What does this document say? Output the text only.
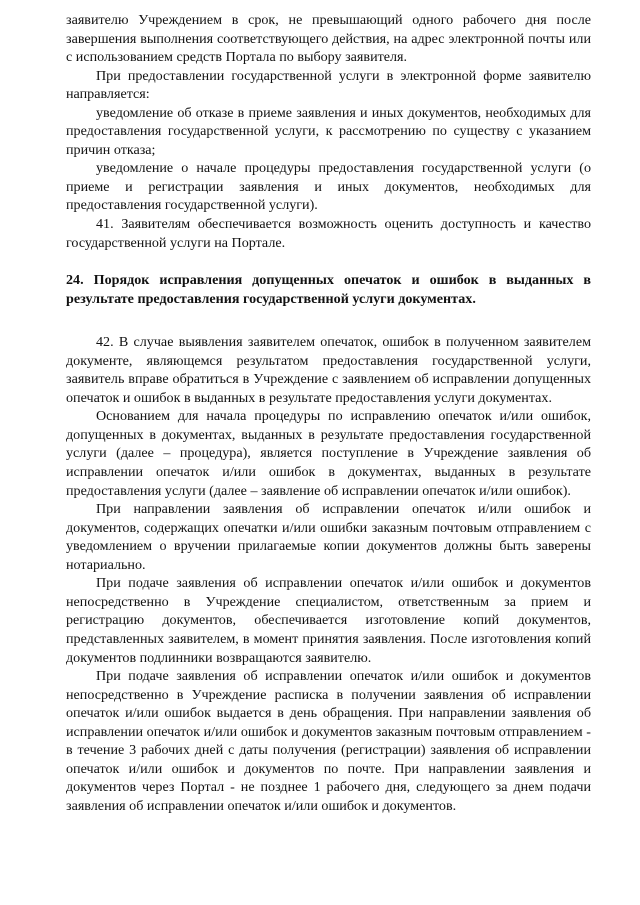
заявителю Учреждением в срок, не превышающий одного рабочего дня после завершения выполнения соответствующего действия, на адрес электронной почты или с использованием средств Портала по выбору заявителя.

При предоставлении государственной услуги в электронной форме заявителю направляется:

уведомление об отказе в приеме заявления и иных документов, необходимых для предоставления государственной услуги, к рассмотрению по существу с указанием причин отказа;

уведомление о начале процедуры предоставления государственной услуги (о приеме и регистрации заявления и иных документов, необходимых для предоставления государственной услуги).

41. Заявителям обеспечивается возможность оценить доступность и качество государственной услуги на Портале.

24. Порядок исправления допущенных опечаток и ошибок в выданных в результате предоставления государственной услуги документах.

42. В случае выявления заявителем опечаток, ошибок в полученном заявителем документе, являющемся результатом предоставления государственной услуги, заявитель вправе обратиться в Учреждение с заявлением об исправлении допущенных опечаток и ошибок в выданных в результате предоставления услуги документах.

Основанием для начала процедуры по исправлению опечаток и/или ошибок, допущенных в документах, выданных в результате предоставления государственной услуги (далее – процедура), является поступление в Учреждение заявления об исправлении опечаток и/или ошибок в документах, выданных в результате предоставления услуги (далее – заявление об исправлении опечаток и/или ошибок).

При направлении заявления об исправлении опечаток и/или ошибок и документов, содержащих опечатки и/или ошибки заказным почтовым отправлением с уведомлением о вручении прилагаемые копии документов должны быть заверены нотариально.

При подаче заявления об исправлении опечаток и/или ошибок и документов непосредственно в Учреждение специалистом, ответственным за прием и регистрацию документов, обеспечивается изготовление копий документов, представленных заявителем, в момент принятия заявления. После изготовления копий документов подлинники возвращаются заявителю.

При подаче заявления об исправлении опечаток и/или ошибок и документов непосредственно в Учреждение расписка в получении заявления об исправлении опечаток и/или ошибок выдается в день обращения. При направлении заявления об исправлении опечаток и/или ошибок и документов заказным почтовым отправлением - в течение 3 рабочих дней с даты получения (регистрации) заявления об исправлении опечаток и/или ошибок и документов по почте. При направлении заявления и документов через Портал - не позднее 1 рабочего дня, следующего за днем подачи заявления об исправлении опечаток и/или ошибок и документов.
